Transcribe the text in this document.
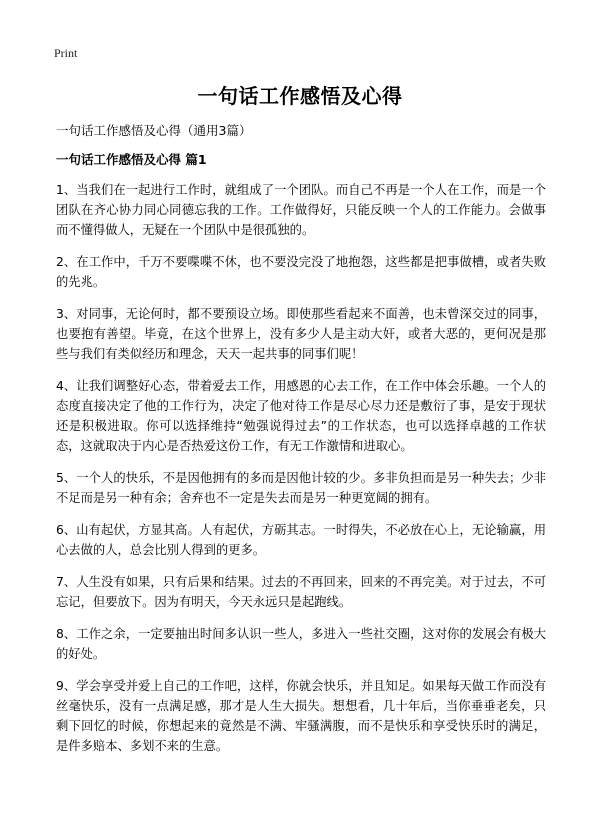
Print
一句话工作感悟及心得
一句话工作感悟及心得（通用3篇）
一句话工作感悟及心得 篇1

1、当我们在一起进行工作时，就组成了一个团队。而自己不再是一个人在工作，而是一个团队在齐心协力同心同德忘我的工作。工作做得好，只能反映一个人的工作能力。会做事而不懂得做人，无疑在一个团队中是很孤独的。

2、在工作中，千万不要喋喋不休，也不要没完没了地抱怨，这些都是把事做槽，或者失败的先兆。

3、对同事，无论何时，都不要预设立场。即使那些看起来不面善，也未曾深交过的同事，也要抱有善望。毕竟，在这个世界上，没有多少人是主动大奸，或者大恶的，更何况是那些与我们有类似经历和理念，天天一起共事的同事们呢！

4、让我们调整好心态，带着爱去工作，用感恩的心去工作，在工作中体会乐趣。一个人的态度直接决定了他的工作行为，决定了他对待工作是尽心尽力还是敷衍了事，是安于现状还是积极进取。你可以选择维持“勉强说得过去”的工作状态，也可以选择卓越的工作状态，这就取决于内心是否热爱这份工作，有无工作激情和进取心。

5、一个人的快乐，不是因他拥有的多而是因他计较的少。多非负担而是另一种失去；少非不足而是另一种有余；舍弃也不一定是失去而是另一种更宽阔的拥有。

6、山有起伏，方显其高。人有起伏，方砺其志。一时得失，不必放在心上，无论输赢，用心去做的人，总会比别人得到的更多。

7、人生没有如果，只有后果和结果。过去的不再回来，回来的不再完美。对于过去，不可忘记，但要放下。因为有明天，今天永远只是起跑线。

8、工作之余，一定要抽出时间多认识一些人，多进入一些社交圈，这对你的发展会有极大的好处。

9、学会享受并爱上自己的工作吧，这样，你就会快乐，并且知足。如果每天做工作而没有丝毫快乐，没有一点满足感，那才是人生大损失。想想看，几十年后，当你垂垂老矣，只剩下回忆的时候，你想起来的竟然是不满、牢骚满腹，而不是快乐和享受快乐时的满足，是件多赔本、多划不来的生意。
